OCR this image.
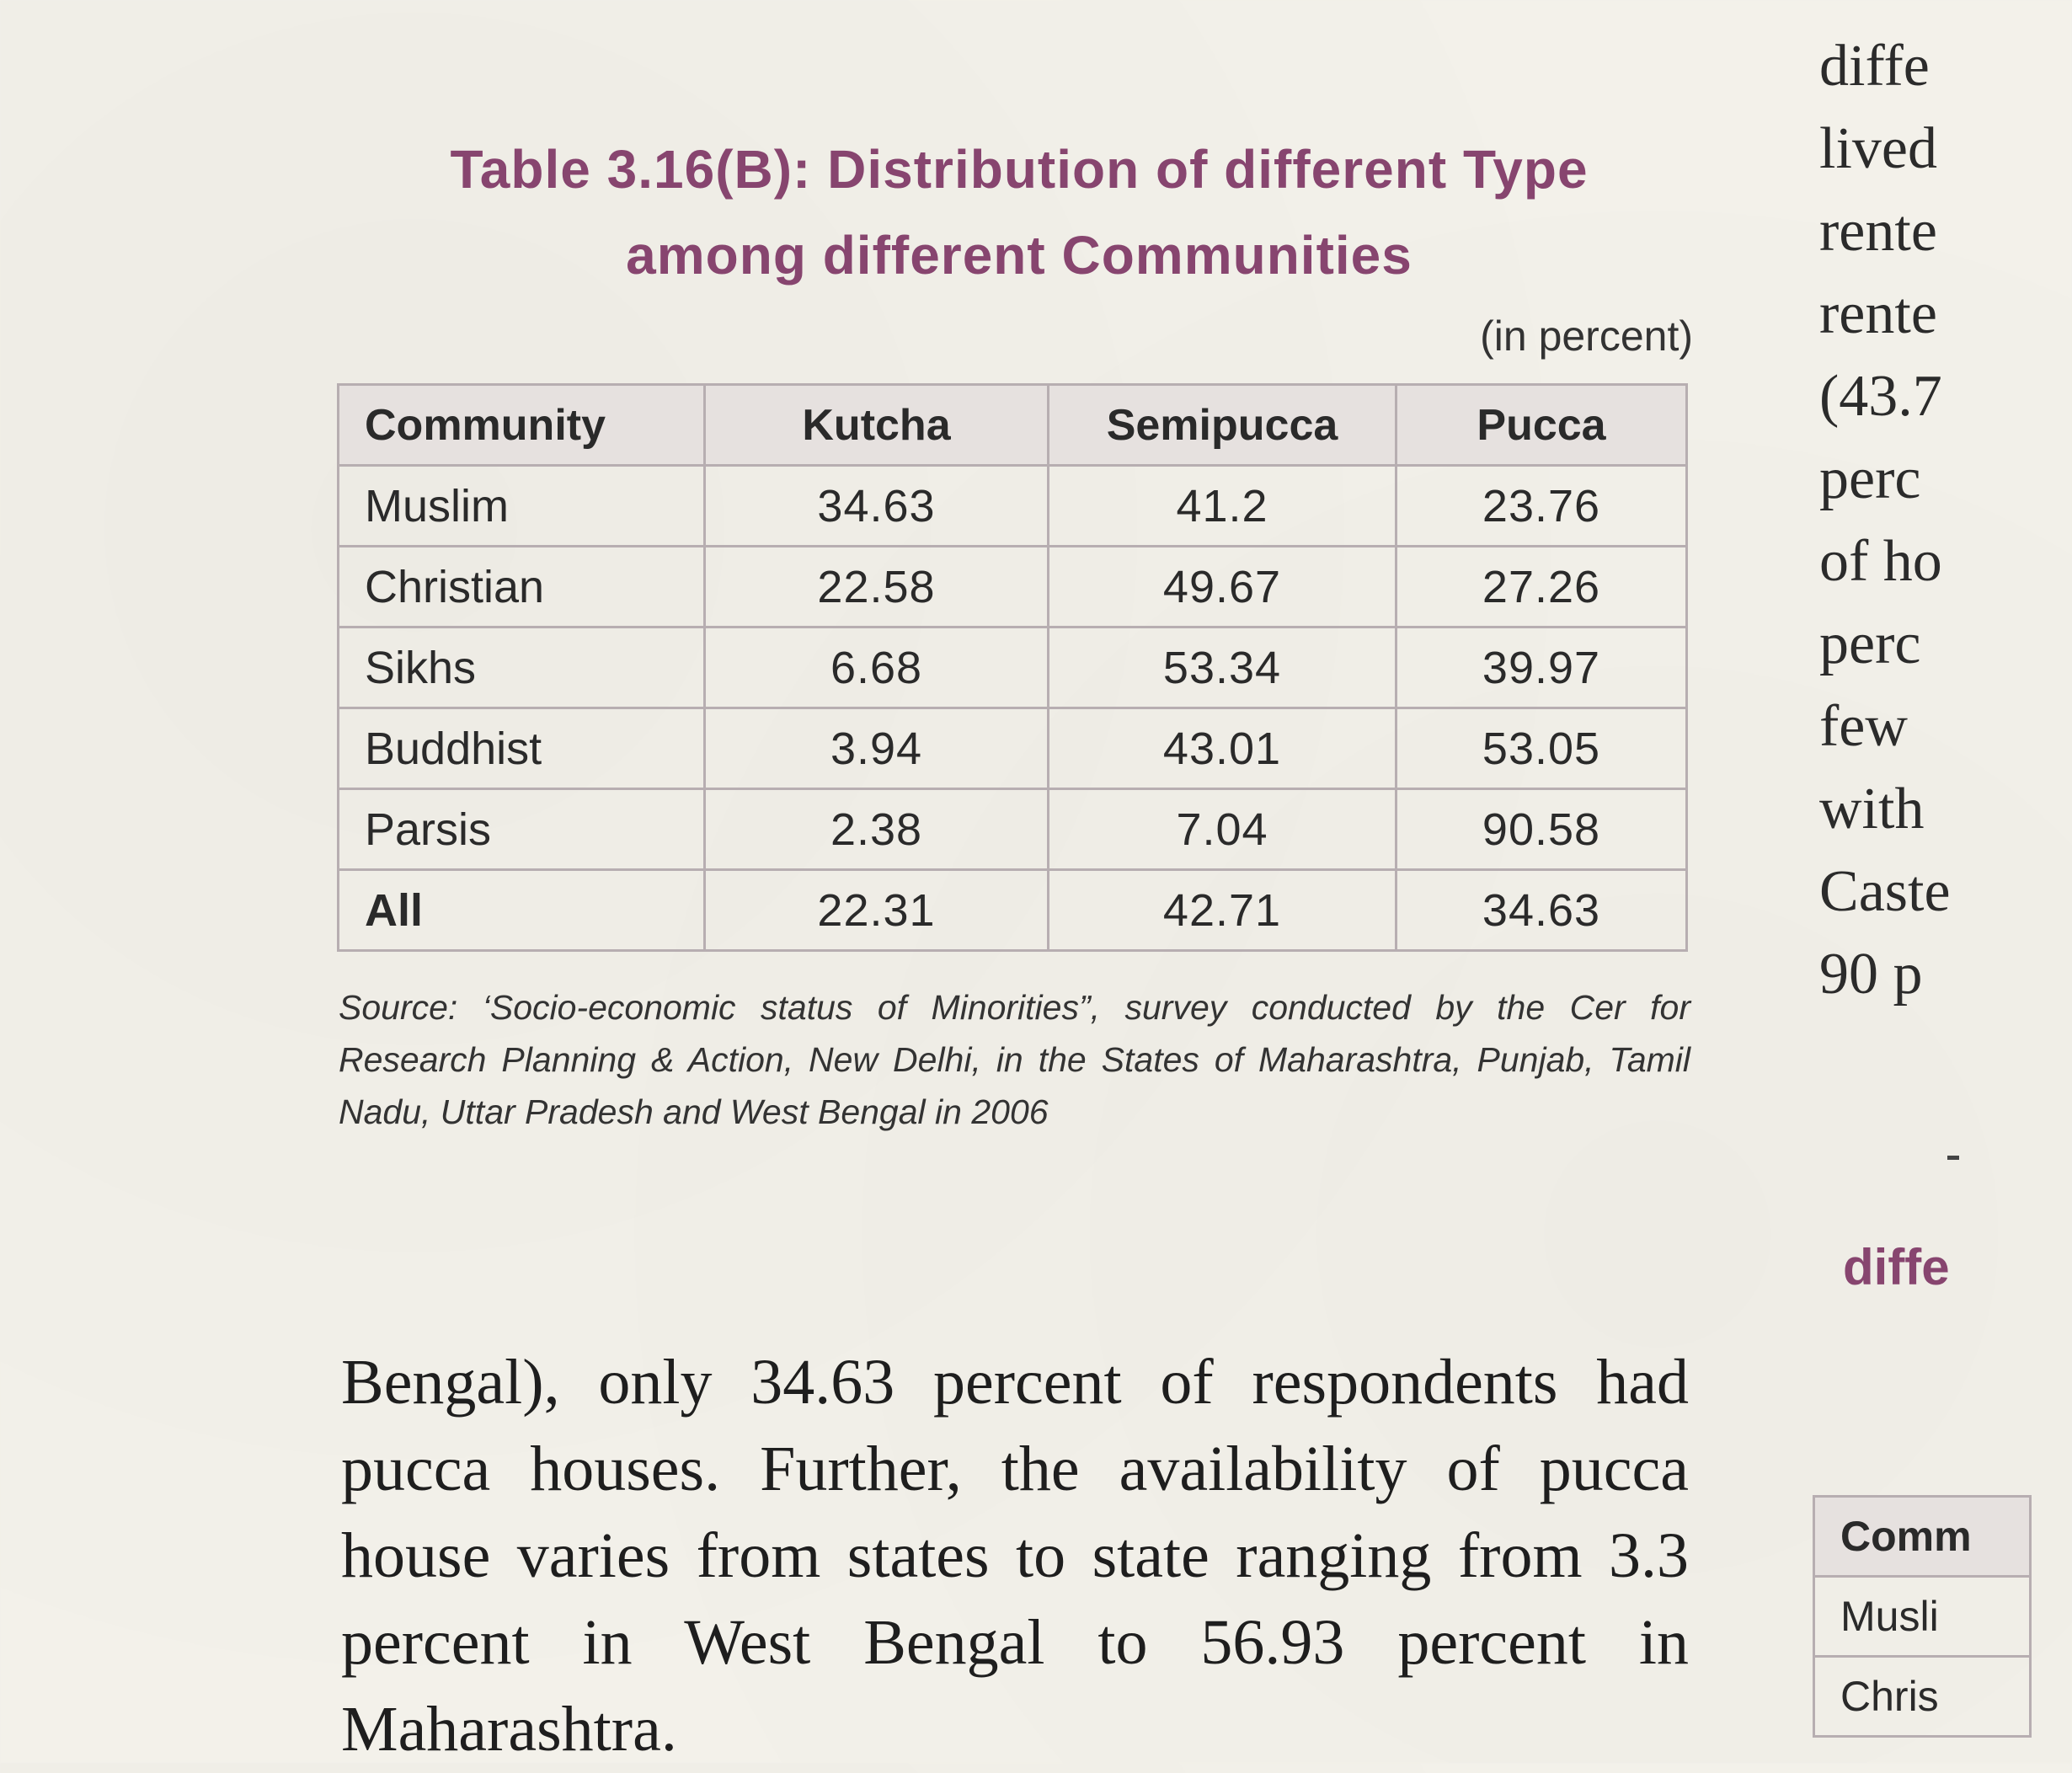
Table 3.16(B): Distribution of different Type
among different Communities
(in percent)
Community	Kutcha	Semipucca	Pucca
Muslim	34.63	41.2	23.76
Christian	22.58	49.67	27.26
Sikhs	6.68	53.34	39.97
Buddhist	3.94	43.01	53.05
Parsis	2.38	7.04	90.58
All	22.31	42.71	34.63
Source: ‘Socio-economic status of Minorities”, survey conducted by the Cer for Research Planning & Action, New Delhi, in the States of Maharashtra, Punjab, Tamil Nadu, Uttar Pradesh and West Bengal in 2006
Bengal), only 34.63 percent of respondents had pucca houses. Further, the availability of pucca house varies from states to state ranging from 3.3 percent in West Bengal to 56.93 percent in Maharashtra.
diffe
lived
rente
rente
(43.7
perc
of ho
perc
few
with
Caste
90 p
diffe
Comm
Musli
Chris
